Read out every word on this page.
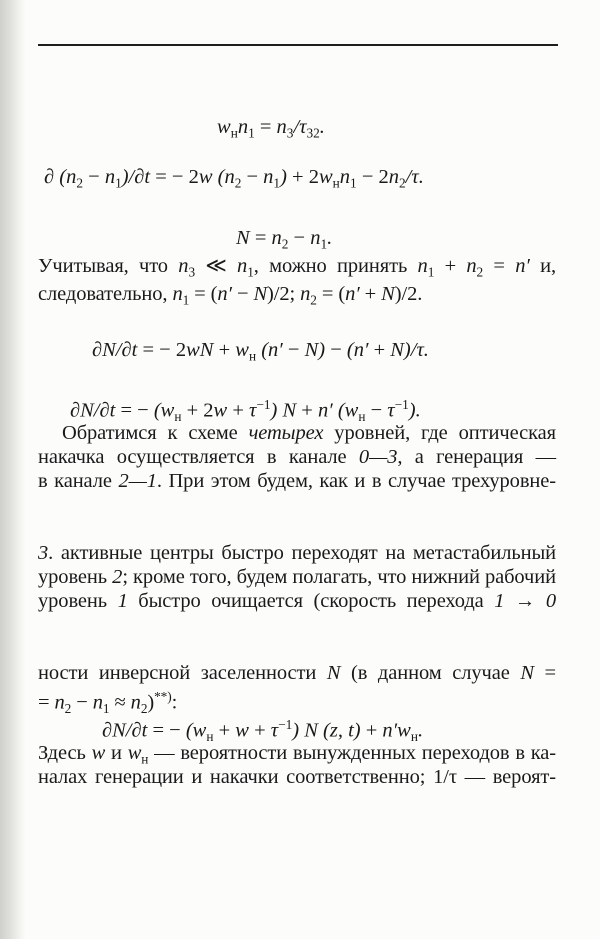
$w_нn_1 = n_3/\tau_{32}$.
∂ $(n_2 - n_1)/\partial t$ = − 2w $(n_2 - n_1) + 2w_нn_1 - 2n_2/\tau$.
$N = n_2 - n_1$.
Учитывая, что $n_3$ ≪ $n_1$, можно принять $n_1 + n_2 = n'$ и,
следовательно, $n_1 = (n' - N)/2$; $n_2 = (n' + N)/2$.
∂N/∂t = − $2wN + w_н$ (n′ − N) − (n′ + N)/τ.
∂N/∂t = − $(w_н + 2w + \tau^{-1}) N + n'$ $(w_н - \tau^{-1})$.
Обратимся к схеме четырех уровней, где оптическая
накачка осуществляется в канале 0—3, а генерация —
в канале 2—1. При этом будем, как и в случае трехуровне-
3. активные центры быстро переходят на метастабильный
уровень 2; кроме того, будем полагать, что нижний рабочий
уровень 1 быстро очищается (скорость перехода 1 → 0
ности инверсной заселенности N (в данном случае N =
= $n_2 - n_1 \approx n_2)^{**)}$:
∂N/∂t = − $(w_н + w + \tau^{-1})$ N (z, $t) + n'w_н$.
Здесь w и $w_н$ — вероятности вынужденных переходов в ка-
налах генерации и накачки соответственно; 1/τ — вероят-
